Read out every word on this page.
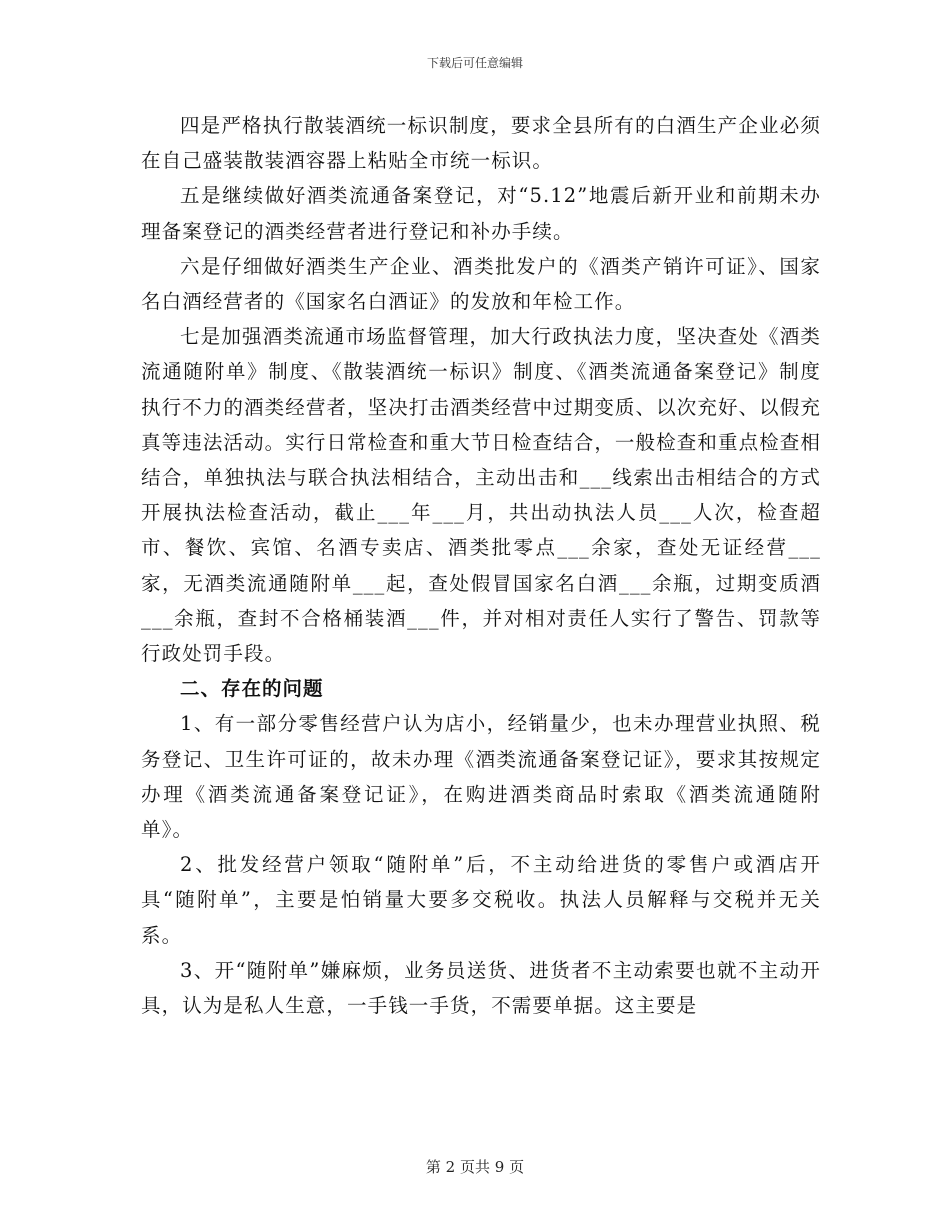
下载后可任意编辑

四是严格执行散装酒统一标识制度，要求全县所有的白酒生产企业必须在自己盛装散装酒容器上粘贴全市统一标识。

五是继续做好酒类流通备案登记，对“5.12”地震后新开业和前期未办理备案登记的酒类经营者进行登记和补办手续。

六是仔细做好酒类生产企业、酒类批发户的《酒类产销许可证》、国家名白酒经营者的《国家名白酒证》的发放和年检工作。

七是加强酒类流通市场监督管理，加大行政执法力度，坚决查处《酒类流通随附单》制度、《散装酒统一标识》制度、《酒类流通备案登记》制度执行不力的酒类经营者，坚决打击酒类经营中过期变质、以次充好、以假充真等违法活动。实行日常检查和重大节日检查结合，一般检查和重点检查相结合，单独执法与联合执法相结合，主动出击和___线索出击相结合的方式开展执法检查活动，截止___年___月，共出动执法人员___人次，检查超市、餐饮、宾馆、名酒专卖店、酒类批零点___余家，查处无证经营___家，无酒类流通随附单___起，查处假冒国家名白酒___余瓶，过期变质酒___余瓶，查封不合格桶装酒___件，并对相对责任人实行了警告、罚款等行政处罚手段。

二、存在的问题

1、有一部分零售经营户认为店小，经销量少，也未办理营业执照、税务登记、卫生许可证的，故未办理《酒类流通备案登记证》，要求其按规定办理《酒类流通备案登记证》，在购进酒类商品时索取《酒类流通随附单》。

2、批发经营户领取“随附单”后，不主动给进货的零售户或酒店开具“随附单”，主要是怕销量大要多交税收。执法人员解释与交税并无关系。

3、开“随附单”嫌麻烦，业务员送货、进货者不主动索要也就不主动开具，认为是私人生意，一手钱一手货，不需要单据。这主要是

第 2 页共 9 页
